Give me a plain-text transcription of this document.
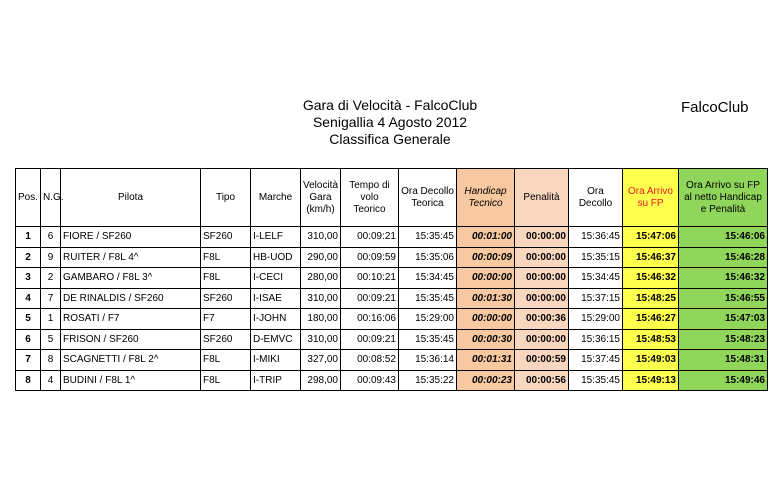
Gara di Velocità - FalcoClub
Senigallia 4 Agosto 2012
Classifica Generale
FalcoClub
Pos.	N.G.	Pilota	Tipo	Marche	Velocità Gara (km/h)	Tempo di volo Teorico	Ora Decollo Teorica	Handicap Tecnico	Penalità	Ora Decollo	Ora Arrivo su FP	Ora Arrivo su FP al netto Handicap e Penalità
1	6	FIORE / SF260	SF260	I-LELF	310,00	00:09:21	15:35:45	00:01:00	00:00:00	15:36:45	15:47:06	15:46:06
2	9	RUITER / F8L 4^	F8L	HB-UOD	290,00	00:09:59	15:35:06	00:00:09	00:00:00	15:35:15	15:46:37	15:46:28
3	2	GAMBARO / F8L 3^	F8L	I-CECI	280,00	00:10:21	15:34:45	00:00:00	00:00:00	15:34:45	15:46:32	15:46:32
4	7	DE RINALDIS / SF260	SF260	I-ISAE	310,00	00:09:21	15:35:45	00:01:30	00:00:00	15:37:15	15:48:25	15:46:55
5	1	ROSATI / F7	F7	I-JOHN	180,00	00:16:06	15:29:00	00:00:00	00:00:36	15:29:00	15:46:27	15:47:03
6	5	FRISON / SF260	SF260	D-EMVC	310,00	00:09:21	15:35:45	00:00:30	00:00:00	15:36:15	15:48:53	15:48:23
7	8	SCAGNETTI / F8L 2^	F8L	I-MIKI	327,00	00:08:52	15:36:14	00:01:31	00:00:59	15:37:45	15:49:03	15:48:31
8	4	BUDINI / F8L 1^	F8L	I-TRIP	298,00	00:09:43	15:35:22	00:00:23	00:00:56	15:35:45	15:49:13	15:49:46
